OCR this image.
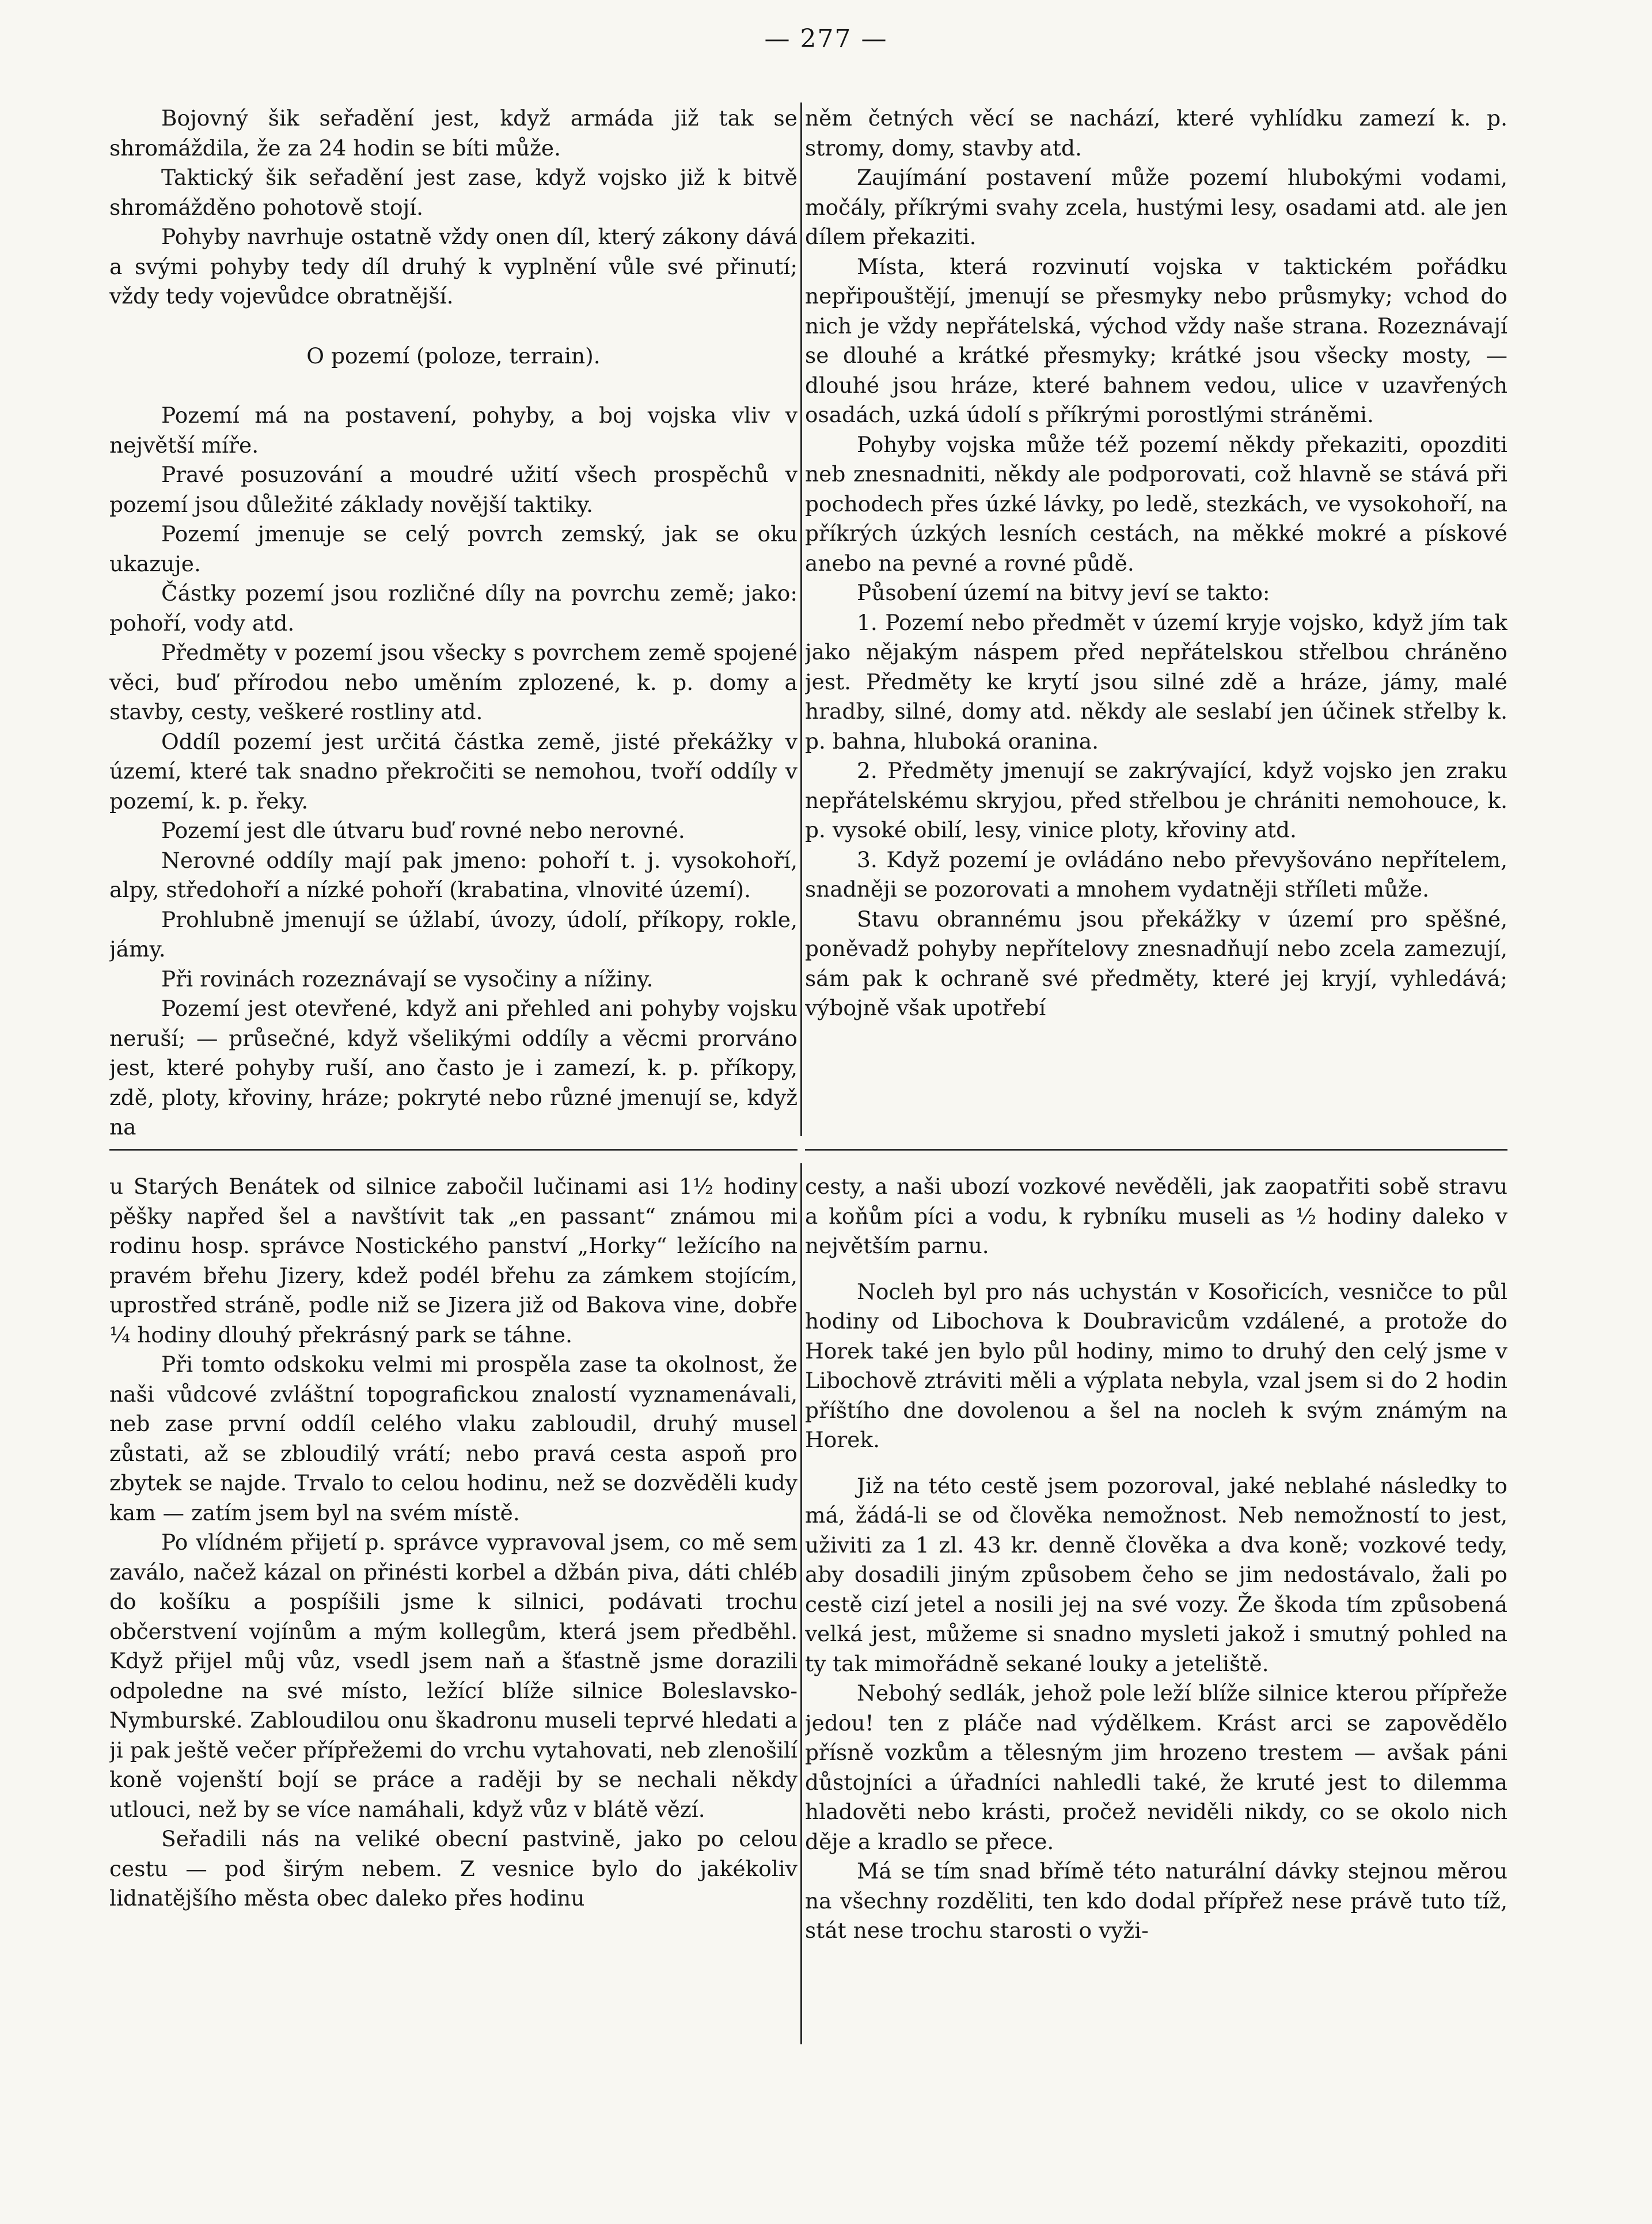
— 277 —

Bojovný šik seřadění jest, když armáda již tak se shromáždila, že za 24 hodin se bíti může.

Taktický šik seřadění jest zase, když vojsko již k bitvě shromážděno pohotově stojí.

Pohyby navrhuje ostatně vždy onen díl, který zákony dává a svými pohyby tedy díl druhý k vyplnění vůle své přinutí; vždy tedy vojevůdce obratnější.

O pozemí (poloze, terrain).

Pozemí má na postavení, pohyby, a boj vojska vliv v největší míře.

Pravé posuzování a moudré užití všech prospěchů v pozemí jsou důležité základy novější taktiky.

Pozemí jmenuje se celý povrch zemský, jak se oku ukazuje.

Částky pozemí jsou rozličné díly na povrchu země; jako: pohoří, vody atd.

Předměty v pozemí jsou všecky s povrchem země spojené věci, buď přírodou nebo uměním zplozené, k. p. domy a stavby, cesty, veškeré rostliny atd.

Oddíl pozemí jest určitá částka země, jisté překážky v území, které tak snadno překročiti se nemohou, tvoří oddíly v pozemí, k. p. řeky.

Pozemí jest dle útvaru buď rovné nebo nerovné.

Nerovné oddíly mají pak jmeno: pohoří t. j. vysokohoří, alpy, středohoří a nízké pohoří (krabatina, vlnovité území).

Prohlubně jmenují se úžlabí, úvozy, údolí, příkopy, rokle, jámy.

Při rovinách rozeznávají se vysočiny a nížiny.

Pozemí jest otevřené, když ani přehled ani pohyby vojsku neruší; — průsečné, když všelikými oddíly a věcmi prorváno jest, které pohyby ruší, ano často je i zamezí, k. p. příkopy, zdě, ploty, křoviny, hráze; pokryté nebo různé jmenují se, když na

něm četných věcí se nachází, které vyhlídku zamezí k. p. stromy, domy, stavby atd.

Zaujímání postavení může pozemí hlubokými vodami, močály, příkrými svahy zcela, hustými lesy, osadami atd. ale jen dílem překaziti.

Místa, která rozvinutí vojska v taktickém pořádku nepřipouštějí, jmenují se přesmyky nebo průsmyky; vchod do nich je vždy nepřátelská, východ vždy naše strana. Rozeznávají se dlouhé a krátké přesmyky; krátké jsou všecky mosty, — dlouhé jsou hráze, které bahnem vedou, ulice v uzavřených osadách, uzká údolí s příkrými porostlými stráněmi.

Pohyby vojska může též pozemí někdy překaziti, opozditi neb znesnadniti, někdy ale podporovati, což hlavně se stává při pochodech přes úzké lávky, po ledě, stezkách, ve vysokohoří, na příkrých úzkých lesních cestách, na měkké mokré a pískové anebo na pevné a rovné půdě.

Působení území na bitvy jeví se takto:

1. Pozemí nebo předmět v území kryje vojsko, když jím tak jako nějakým náspem před nepřátelskou střelbou chráněno jest. Předměty ke krytí jsou silné zdě a hráze, jámy, malé hradby, silné, domy atd. někdy ale seslabí jen účinek střelby k. p. bahna, hluboká oranina.

2. Předměty jmenují se zakrývající, když vojsko jen zraku nepřátelskému skryjou, před střelbou je chrániti nemohouce, k. p. vysoké obilí, lesy, vinice ploty, křoviny atd.

3. Když pozemí je ovládáno nebo převyšováno nepřítelem, snadněji se pozorovati a mnohem vydatněji stříleti může.

Stavu obrannému jsou překážky v území pro spěšné, poněvadž pohyby nepřítelovy znesnadňují nebo zcela zamezují, sám pak k ochraně své předměty, které jej kryjí, vyhledává; výbojně však upotřebí

u Starých Benátek od silnice zabočil lučinami asi 1½ hodiny pěšky napřed šel a navštívit tak „en passant“ známou mi rodinu hosp. správce Nostického panství „Horky“ ležícího na pravém břehu Jizery, kdež podél břehu za zámkem stojícím, uprostřed stráně, podle niž se Jizera již od Bakova vine, dobře ¼ hodiny dlouhý překrásný park se táhne.

Při tomto odskoku velmi mi prospěla zase ta okolnost, že naši vůdcové zvláštní topografickou znalostí vyznamenávali, neb zase první oddíl celého vlaku zabloudil, druhý musel zůstati, až se zbloudilý vrátí; nebo pravá cesta aspoň pro zbytek se najde. Trvalo to celou hodinu, než se dozvěděli kudy kam — zatím jsem byl na svém místě.

Po vlídném přijetí p. správce vypravoval jsem, co mě sem zaválo, načež kázal on přinésti korbel a džbán piva, dáti chléb do košíku a pospíšili jsme k silnici, podávati trochu občerstvení vojínům a mým kollegům, která jsem předběhl. Když přijel můj vůz, vsedl jsem naň a šťastně jsme dorazili odpoledne na své místo, ležící blíže silnice Boleslavsko-Nymburské. Zabloudilou onu škadronu museli teprvé hledati a ji pak ještě večer přípřežemi do vrchu vytahovati, neb zlenošilí koně vojenští bojí se práce a raději by se nechali někdy utlouci, než by se více namáhali, když vůz v blátě vězí.

Seřadili nás na veliké obecní pastvině, jako po celou cestu — pod širým nebem. Z vesnice bylo do jakékoliv lidnatějšího města obec dalеko přes hodinu

cesty, a naši ubozí vozkové nevěděli, jak zaopatřiti sobě stravu a koňům píci a vodu, k rybníku museli as ½ hodiny daleko v největším parnu.

Nocleh byl pro nás uchystán v Kosořicích, vesničce to půl hodiny od Libochova k Doubravicům vzdálené, a protože do Horek také jen bylo půl hodiny, mimo to druhý den celý jsme v Libochově ztráviti měli a výplata nebyla, vzal jsem si do 2 hodin příštího dne dovolenou a šel na nocleh k svým známým na Horek.

Již na této cestě jsem pozoroval, jaké neblahé následky to má, žádá-li se od člověka nemožnost. Neb nemožností to jest, uživiti za 1 zl. 43 kr. denně člověka a dva koně; vozkové tedy, aby dosadili jiným způsobem čeho se jim nedostávalo, žali po cestě cizí jetel a nosili jej na své vozy. Že škoda tím způsobená velká jest, můžeme si snadno mysleti jakož i smutný pohled na ty tak mimořádně sekané louky a jeteliště.

Nebohý sedlák, jehož pole leží blíže silnice kterou přípřeže jedou! ten z pláče nad výdělkem. Krást arci se zapovědělo přísně vozkům a tělesným jim hrozeno trestem — avšak páni důstojníci a úřadníci nahledli také, že kruté jest to dilemma hladověti nebo krásti, pročež neviděli nikdy, co se okolo nich děje a kradlo se přece.

Má se tím snad břímě této naturální dávky stejnou měrou na všechny rozděliti, ten kdo dodal přípřež nese právě tuto tíž, stát nese trochu starosti o vyži-
